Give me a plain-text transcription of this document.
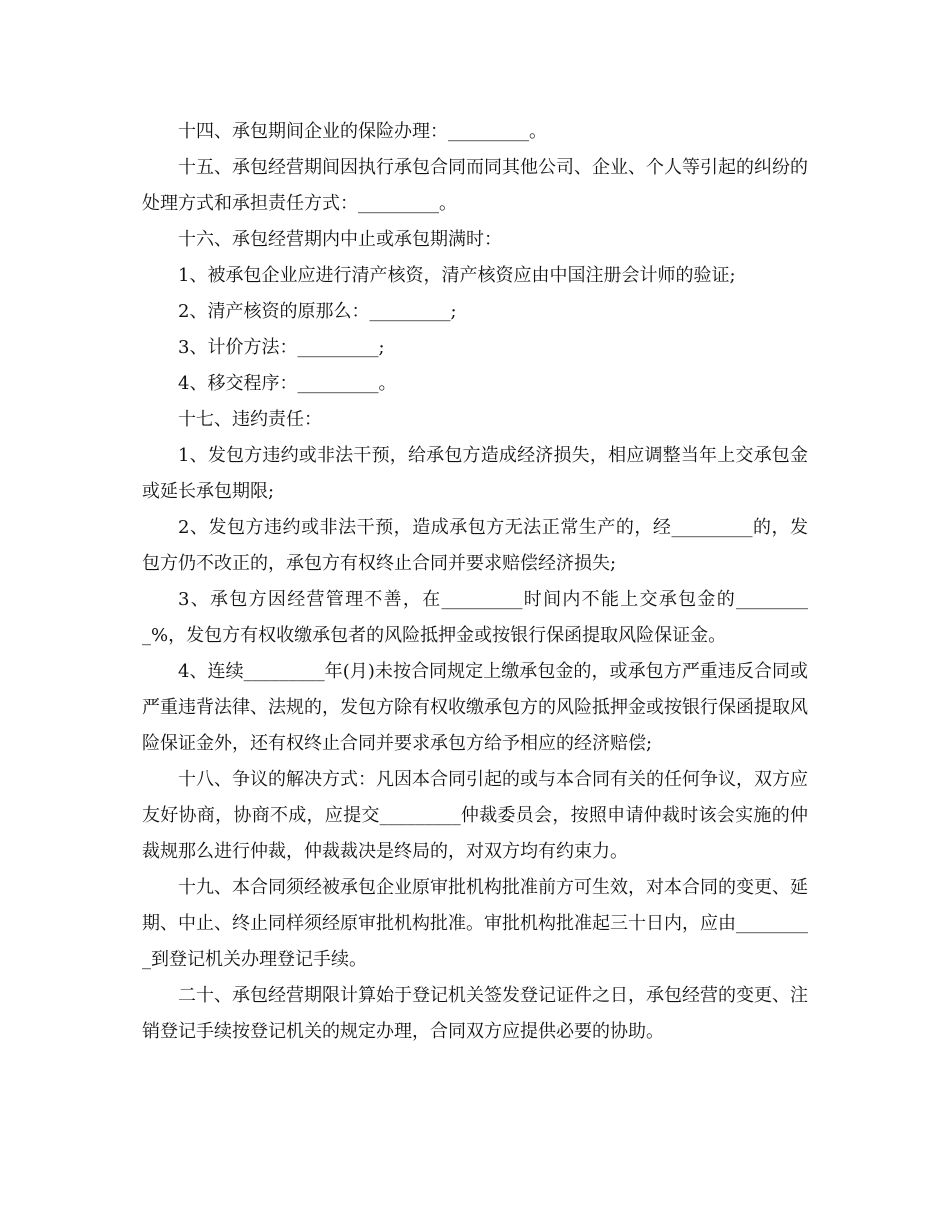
十四、承包期间企业的保险办理：_________。

十五、承包经营期间因执行承包合同而同其他公司、企业、个人等引起的纠纷的处理方式和承担责任方式：_________。

十六、承包经营期内中止或承包期满时：

1、被承包企业应进行清产核资，清产核资应由中国注册会计师的验证;

2、清产核资的原那么：_________;

3、计价方法：_________;

4、移交程序：_________。

十七、违约责任：

1、发包方违约或非法干预，给承包方造成经济损失，相应调整当年上交承包金或延长承包期限;

2、发包方违约或非法干预，造成承包方无法正常生产的，经_________的，发包方仍不改正的，承包方有权终止合同并要求赔偿经济损失;

3、承包方因经营管理不善，在_________时间内不能上交承包金的_________%，发包方有权收缴承包者的风险抵押金或按银行保函提取风险保证金。

4、连续_________年(月)未按合同规定上缴承包金的，或承包方严重违反合同或严重违背法律、法规的，发包方除有权收缴承包方的风险抵押金或按银行保函提取风险保证金外，还有权终止合同并要求承包方给予相应的经济赔偿;

十八、争议的解决方式：凡因本合同引起的或与本合同有关的任何争议，双方应友好协商，协商不成，应提交_________仲裁委员会，按照申请仲裁时该会实施的仲裁规那么进行仲裁，仲裁裁决是终局的，对双方均有约束力。

十九、本合同须经被承包企业原审批机构批准前方可生效，对本合同的变更、延期、中止、终止同样须经原审批机构批准。审批机构批准起三十日内，应由_________到登记机关办理登记手续。

二十、承包经营期限计算始于登记机关签发登记证件之日，承包经营的变更、注销登记手续按登记机关的规定办理，合同双方应提供必要的协助。
